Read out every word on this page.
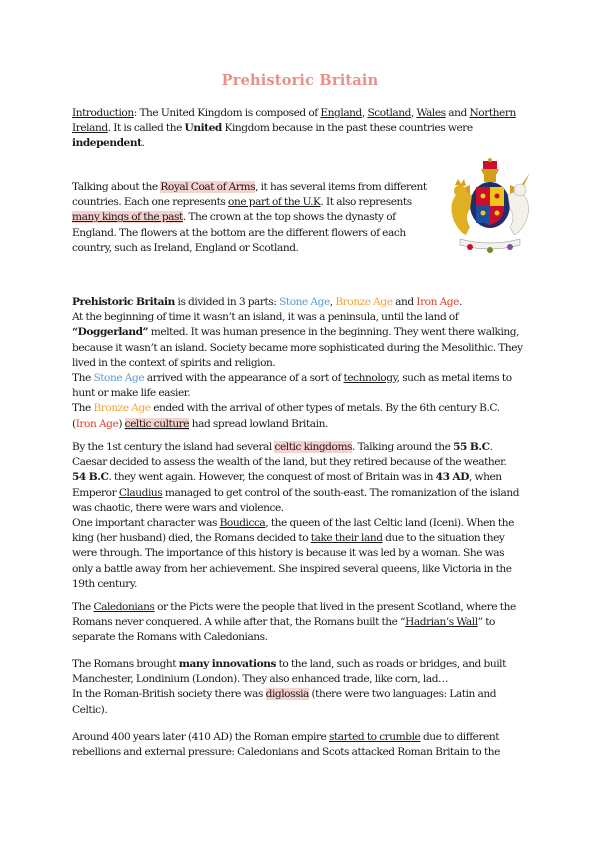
Prehistoric Britain

Introduction: The United Kingdom is composed of England, Scotland, Wales and Northern Ireland. It is called the United Kingdom because in the past these countries were independent.

Talking about the Royal Coat of Arms, it has several items from different countries. Each one represents one part of the U.K. It also represents many kings of the past. The crown at the top shows the dynasty of England. The flowers at the bottom are the different flowers of each country, such as Ireland, England or Scotland.

Prehistoric Britain is divided in 3 parts: Stone Age, Bronze Age and Iron Age.
At the beginning of time it wasn’t an island, it was a peninsula, until the land of “Doggerland” melted. It was human presence in the beginning. They went there walking, because it wasn’t an island. Society became more sophisticated during the Mesolithic. They lived in the context of spirits and religion.
The Stone Age arrived with the appearance of a sort of technology, such as metal items to hunt or make life easier.
The Bronze Age ended with the arrival of other types of metals. By the 6th century B.C. (Iron Age) celtic culture had spread lowland Britain.

By the 1st century the island had several celtic kingdoms. Talking around the 55 B.C. Caesar decided to assess the wealth of the land, but they retired because of the weather.
54 B.C. they went again. However, the conquest of most of Britain was in 43 AD, when Emperor Claudius managed to get control of the south-east. The romanization of the island was chaotic, there were wars and violence.
One important character was Boudicca, the queen of the last Celtic land (Iceni). When the king (her husband) died, the Romans decided to take their land due to the situation they were through. The importance of this history is because it was led by a woman. She was only a battle away from her achievement. She inspired several queens, like Victoria in the 19th century.

The Caledonians or the Picts were the people that lived in the present Scotland, where the Romans never conquered. A while after that, the Romans built the “Hadrian’s Wall” to separate the Romans with Caledonians.

The Romans brought many innovations to the land, such as roads or bridges, and built Manchester, Londinium (London). They also enhanced trade, like corn, lad…
In the Roman-British society there was diglossia (there were two languages: Latin and Celtic).

Around 400 years later (410 AD) the Roman empire started to crumble due to different rebellions and external pressure: Caledonians and Scots attacked Roman Britain to the
